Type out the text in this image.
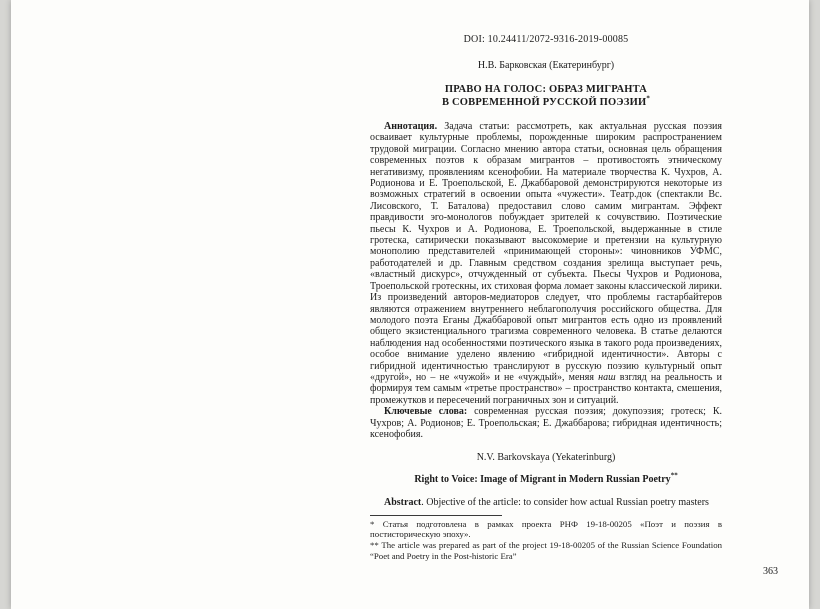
DOI: 10.24411/2072-9316-2019-00085
Н.В. Барковская (Екатеринбург)
ПРАВО НА ГОЛОС: ОБРАЗ МИГРАНТА
В СОВРЕМЕННОЙ РУССКОЙ ПОЭЗИИ*
Аннотация. Задача статьи: рассмотреть, как актуальная русская поэзия осваивает культурные проблемы, порожденные широким распространением трудовой миграции. Согласно мнению автора статьи, основная цель обращения современных поэтов к образам мигрантов – противостоять этническому негативизму, проявлениям ксенофобии. На материале творчества К. Чухров, А. Родионова и Е. Троепольской, Е. Джаббаровой демонстрируются некоторые из возможных стратегий в освоении опыта «чужести». Театр.док (спектакли Вс. Лисовского, Т. Баталова) предоставил слово самим мигрантам. Эффект правдивости эго-монологов побуждает зрителей к сочувствию. Поэтические пьесы К. Чухров и А. Родионова, Е. Троепольской, выдержанные в стиле гротеска, сатирически показывают высокомерие и претензии на культурную монополию представителей «принимающей стороны»: чиновников УФМС, работодателей и др. Главным средством создания зрелища выступает речь, «властный дискурс», отчужденный от субъекта. Пьесы Чухров и Родионова, Троепольской гротескны, их стиховая форма ломает законы классической лирики. Из произведений авторов-медиаторов следует, что проблемы гастарбайтеров являются отражением внутреннего неблагополучия российского общества. Для молодого поэта Еганы Джаббаровой опыт мигрантов есть одно из проявлений общего экзистенциального трагизма современного человека. В статье делаются наблюдения над особенностями поэтического языка в такого рода произведениях, особое внимание уделено явлению «гибридной идентичности». Авторы с гибридной идентичностью транслируют в русскую поэзию культурный опыт «другой», но – не «чужой» и не «чуждый», меняя наш взгляд на реальность и формируя тем самым «третье пространство» – пространство контакта, смешения, промежутков и пересечений пограничных зон и ситуаций.
Ключевые слова: современная русская поэзия; докупоэзия; гротеск; К. Чухров; А. Родионов; Е. Троепольская; Е. Джаббарова; гибридная идентичность; ксенофобия.
N.V. Barkovskaya (Yekaterinburg)
Right to Voice: Image of Migrant in Modern Russian Poetry**
Abstract. Objective of the article: to consider how actual Russian poetry masters
* Статья подготовлена в рамках проекта РНФ 19-18-00205 «Поэт и поэзия в постисторическую эпоху».
** The article was prepared as part of the project 19-18-00205 of the Russian Science Foundation “Poet and Poetry in the Post-historic Era”
363
